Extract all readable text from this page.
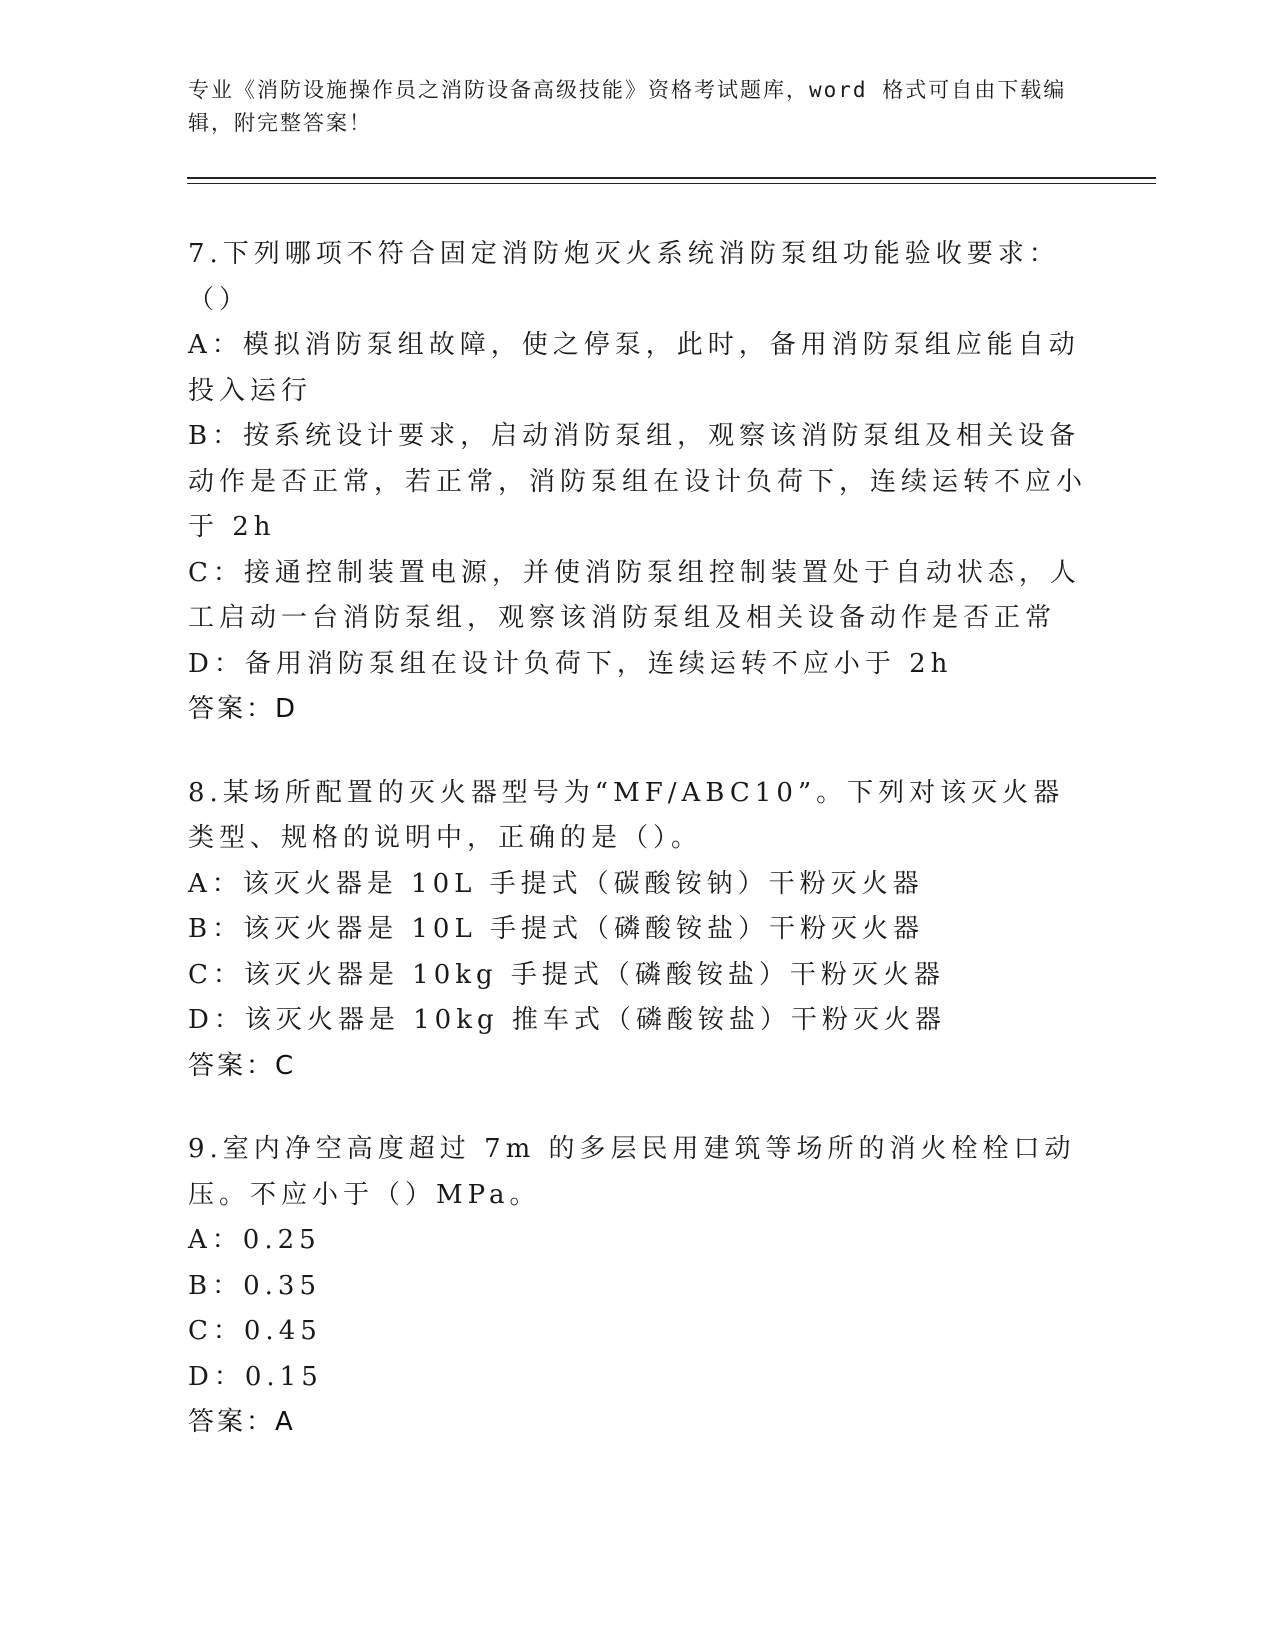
专业《消防设施操作员之消防设备高级技能》资格考试题库，word 格式可自由下载编辑，附完整答案！
7.下列哪项不符合固定消防炮灭火系统消防泵组功能验收要求：（）
A：模拟消防泵组故障，使之停泵，此时，备用消防泵组应能自动投入运行
B：按系统设计要求，启动消防泵组，观察该消防泵组及相关设备动作是否正常，若正常，消防泵组在设计负荷下，连续运转不应小于 2h
C：接通控制装置电源，并使消防泵组控制装置处于自动状态，人工启动一台消防泵组，观察该消防泵组及相关设备动作是否正常
D：备用消防泵组在设计负荷下，连续运转不应小于 2h
答案：D
8.某场所配置的灭火器型号为“MF/ABC10”。下列对该灭火器类型、规格的说明中，正确的是（）。
A：该灭火器是 10L 手提式（碳酸铵钠）干粉灭火器
B：该灭火器是 10L 手提式（磷酸铵盐）干粉灭火器
C：该灭火器是 10kg 手提式（磷酸铵盐）干粉灭火器
D：该灭火器是 10kg 推车式（磷酸铵盐）干粉灭火器
答案：C
9.室内净空高度超过 7m 的多层民用建筑等场所的消火栓栓口动压。不应小于（）MPa。
A：0.25
B：0.35
C：0.45
D：0.15
答案：A
